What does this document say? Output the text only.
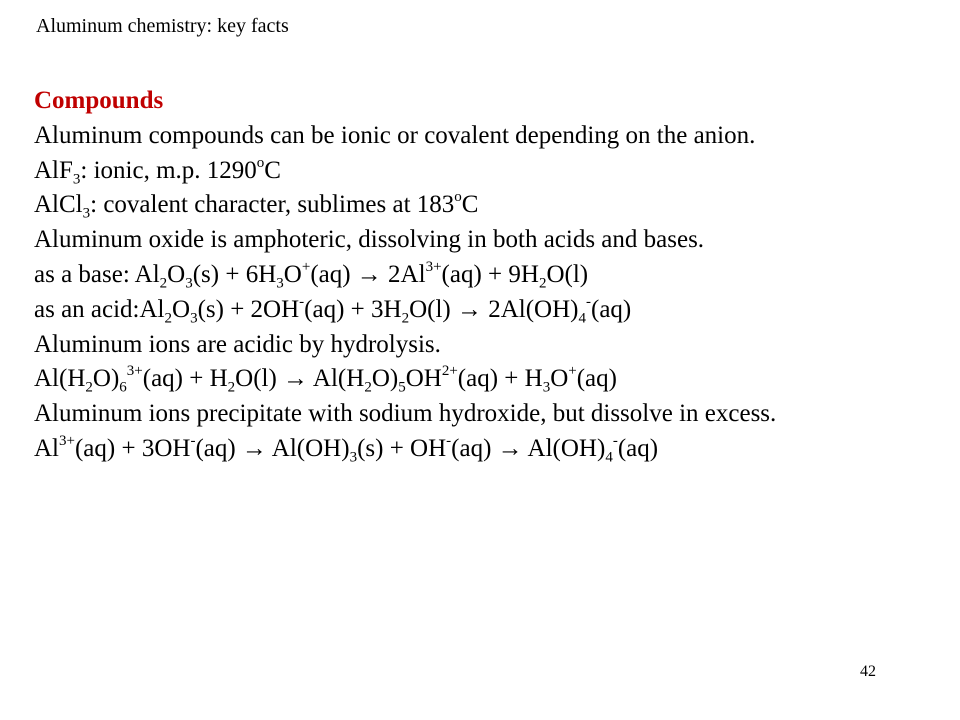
Aluminum chemistry: key facts
Compounds
Aluminum compounds can be ionic or covalent depending on the anion.
AlF$_3$: ionic, m.p. 1290$^o$C
AlCl$_3$: covalent character, sublimes at 183$^o$C
Aluminum oxide is amphoteric, dissolving in both acids and bases.
as a base: $Al_2O_3(s) + 6H_3O^+(aq) \to 2Al^{3+}(aq) + 9H_2O(l)$
as an $acid:Al_2O_3(s) + 2OH^-(aq) + 3H_2O(l) \to 2Al(OH)_4^-(aq)$
Aluminum ions are acidic by hydrolysis.
$Al(H_2O)_6^{3+}(aq) + H_2O(l) \to Al(H_2O)_5OH^{2+}(aq) + H_3O^+(aq)$
Aluminum ions precipitate with sodium hydroxide, but dissolve in excess.
$Al^{3+}(aq) + 3OH^-(aq) \to Al(OH)_3(s) + OH^-(aq) \to Al(OH)_4^-(aq)$
42
